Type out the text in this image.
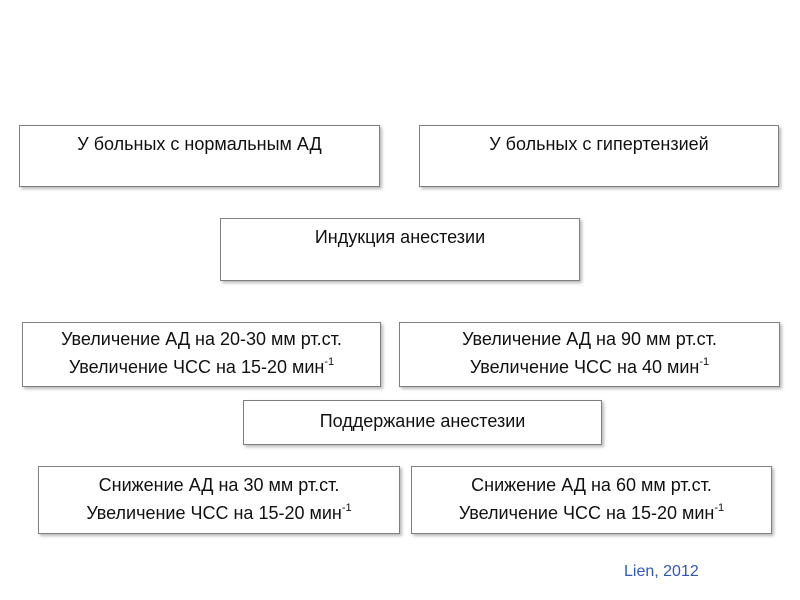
У больных с нормальным АД	У больных с гипертензией
Индукция анестезии
Увеличение АД на 20-30 мм рт.ст.
Увеличение ЧСС на 15-20 мин$^{-1}$
Увеличение АД на 90 мм рт.ст.
Увеличение ЧСС на 40 мин$^{-1}$
Поддержание анестезии
Снижение АД на 30 мм рт.ст.
Увеличение ЧСС на 15-20 мин$^{-1}$
Снижение АД на 60 мм рт.ст.
Увеличение ЧСС на 15-20 мин$^{-1}$
Lien, 2012
